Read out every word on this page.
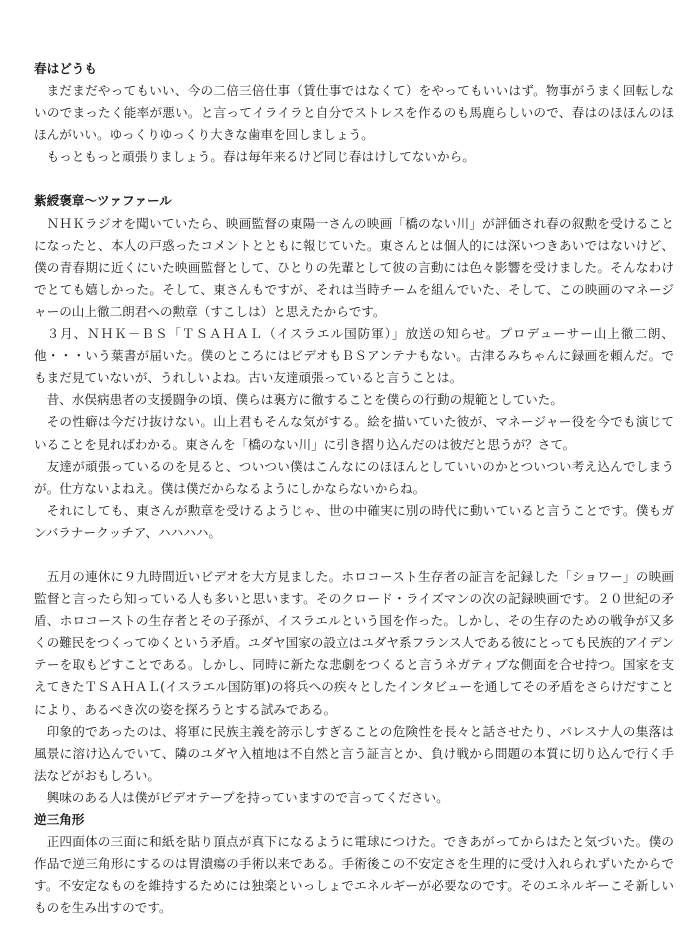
春はどうも

まだまだやってもいい、今の二倍三倍仕事（賃仕事ではなくて）をやってもいいはず。物事がうまく回転しないのでまったく能率が悪い。と言ってイライラと自分でストレスを作るのも馬鹿らしいので、春はのほほんのほほんがいい。ゆっくりゆっくり大きな歯車を回しましょう。

もっともっと頑張りましょう。春は毎年来るけど同じ春はけしてないから。

紫綬褒章～ツァファール

ＮＨＫラジオを聞いていたら、映画監督の東陽一さんの映画「橋のない川」が評価され春の叙勲を受けることになったと、本人の戸惑ったコメントとともに報じていた。東さんとは個人的には深いつきあいではないけど、僕の青春期に近くにいた映画監督として、ひとりの先輩として彼の言動には色々影響を受けました。そんなわけでとても嬉しかった。そして、東さんもですが、それは当時チームを組んでいた、そして、この映画のマネージャーの山上徹二朗君への勲章（すこしは）と思えたからです。

３月、ＮＨＫ－ＢＳ「ＴＳＡＨＡＬ（イスラエル国防軍）」放送の知らせ。プロデューサー山上徹二朗、他・・・いう葉書が届いた。僕のところにはビデオもＢＳアンテナもない。古津るみちゃんに録画を頼んだ。でもまだ見ていないが、うれしいよね。古い友達頑張っていると言うことは。

昔、水俣病患者の支援闘争の頃、僕らは裏方に徹することを僕らの行動の規範としていた。

その性癖は今だけ抜けない。山上君もそんな気がする。絵を描いていた彼が、マネージャー役を今でも演じていることを見ればわかる。東さんを「橋のない川」に引き摺り込んだのは彼だと思うが？さて。

友達が頑張っているのを見ると、ついつい僕はこんなにのほほんとしていいのかとついつい考え込んでしまうが。仕方ないよねえ。僕は僕だからなるようにしかならないからね。

それにしても、東さんが勲章を受けるようじゃ、世の中確実に別の時代に動いていると言うことです。僕もガンバラナークッチア、ハハハハ。

五月の連休に９九時間近いビデオを大方見ました。ホロコースト生存者の証言を記録した「ショワー」の映画監督と言ったら知っている人も多いと思います。そのクロード・ライズマンの次の記録映画です。２０世紀の矛盾、ホロコーストの生存者とその子孫が、イスラエルという国を作った。しかし、その生存のための戦争が又多くの難民をつくってゆくという矛盾。ユダヤ国家の設立はユダヤ系フランス人である彼にとっても民族的アイデンテーを取もどすことである。しかし、同時に新たな悲劇をつくると言うネガティブな側面を合せ持つ。国家を支えてきたＴＳＡＨＡＬ(イスラエル国防軍)の将兵への疾々としたインタビューを通してその矛盾をさらけだすことにより、あるべき次の姿を探ろうとする試みである。

印象的であったのは、将軍に民族主義を誇示しすぎることの危険性を長々と話させたり、パレスナ人の集落は風景に溶け込んでいて、隣のユダヤ入植地は不自然と言う証言とか、負け戦から問題の本質に切り込んで行く手法などがおもしろい。

興味のある人は僕がビデオテープを持っていますので言ってください。

逆三角形

正四面体の三面に和紙を貼り頂点が真下になるように電球につけた。できあがってからはたと気づいた。僕の作品で逆三角形にするのは胃潰瘍の手術以来である。手術後この不安定さを生理的に受け入れられずいたからです。不安定なものを維持するためには独楽といっしょでエネルギーが必要なのです。そのエネルギーこそ新しいものを生み出すのです。
